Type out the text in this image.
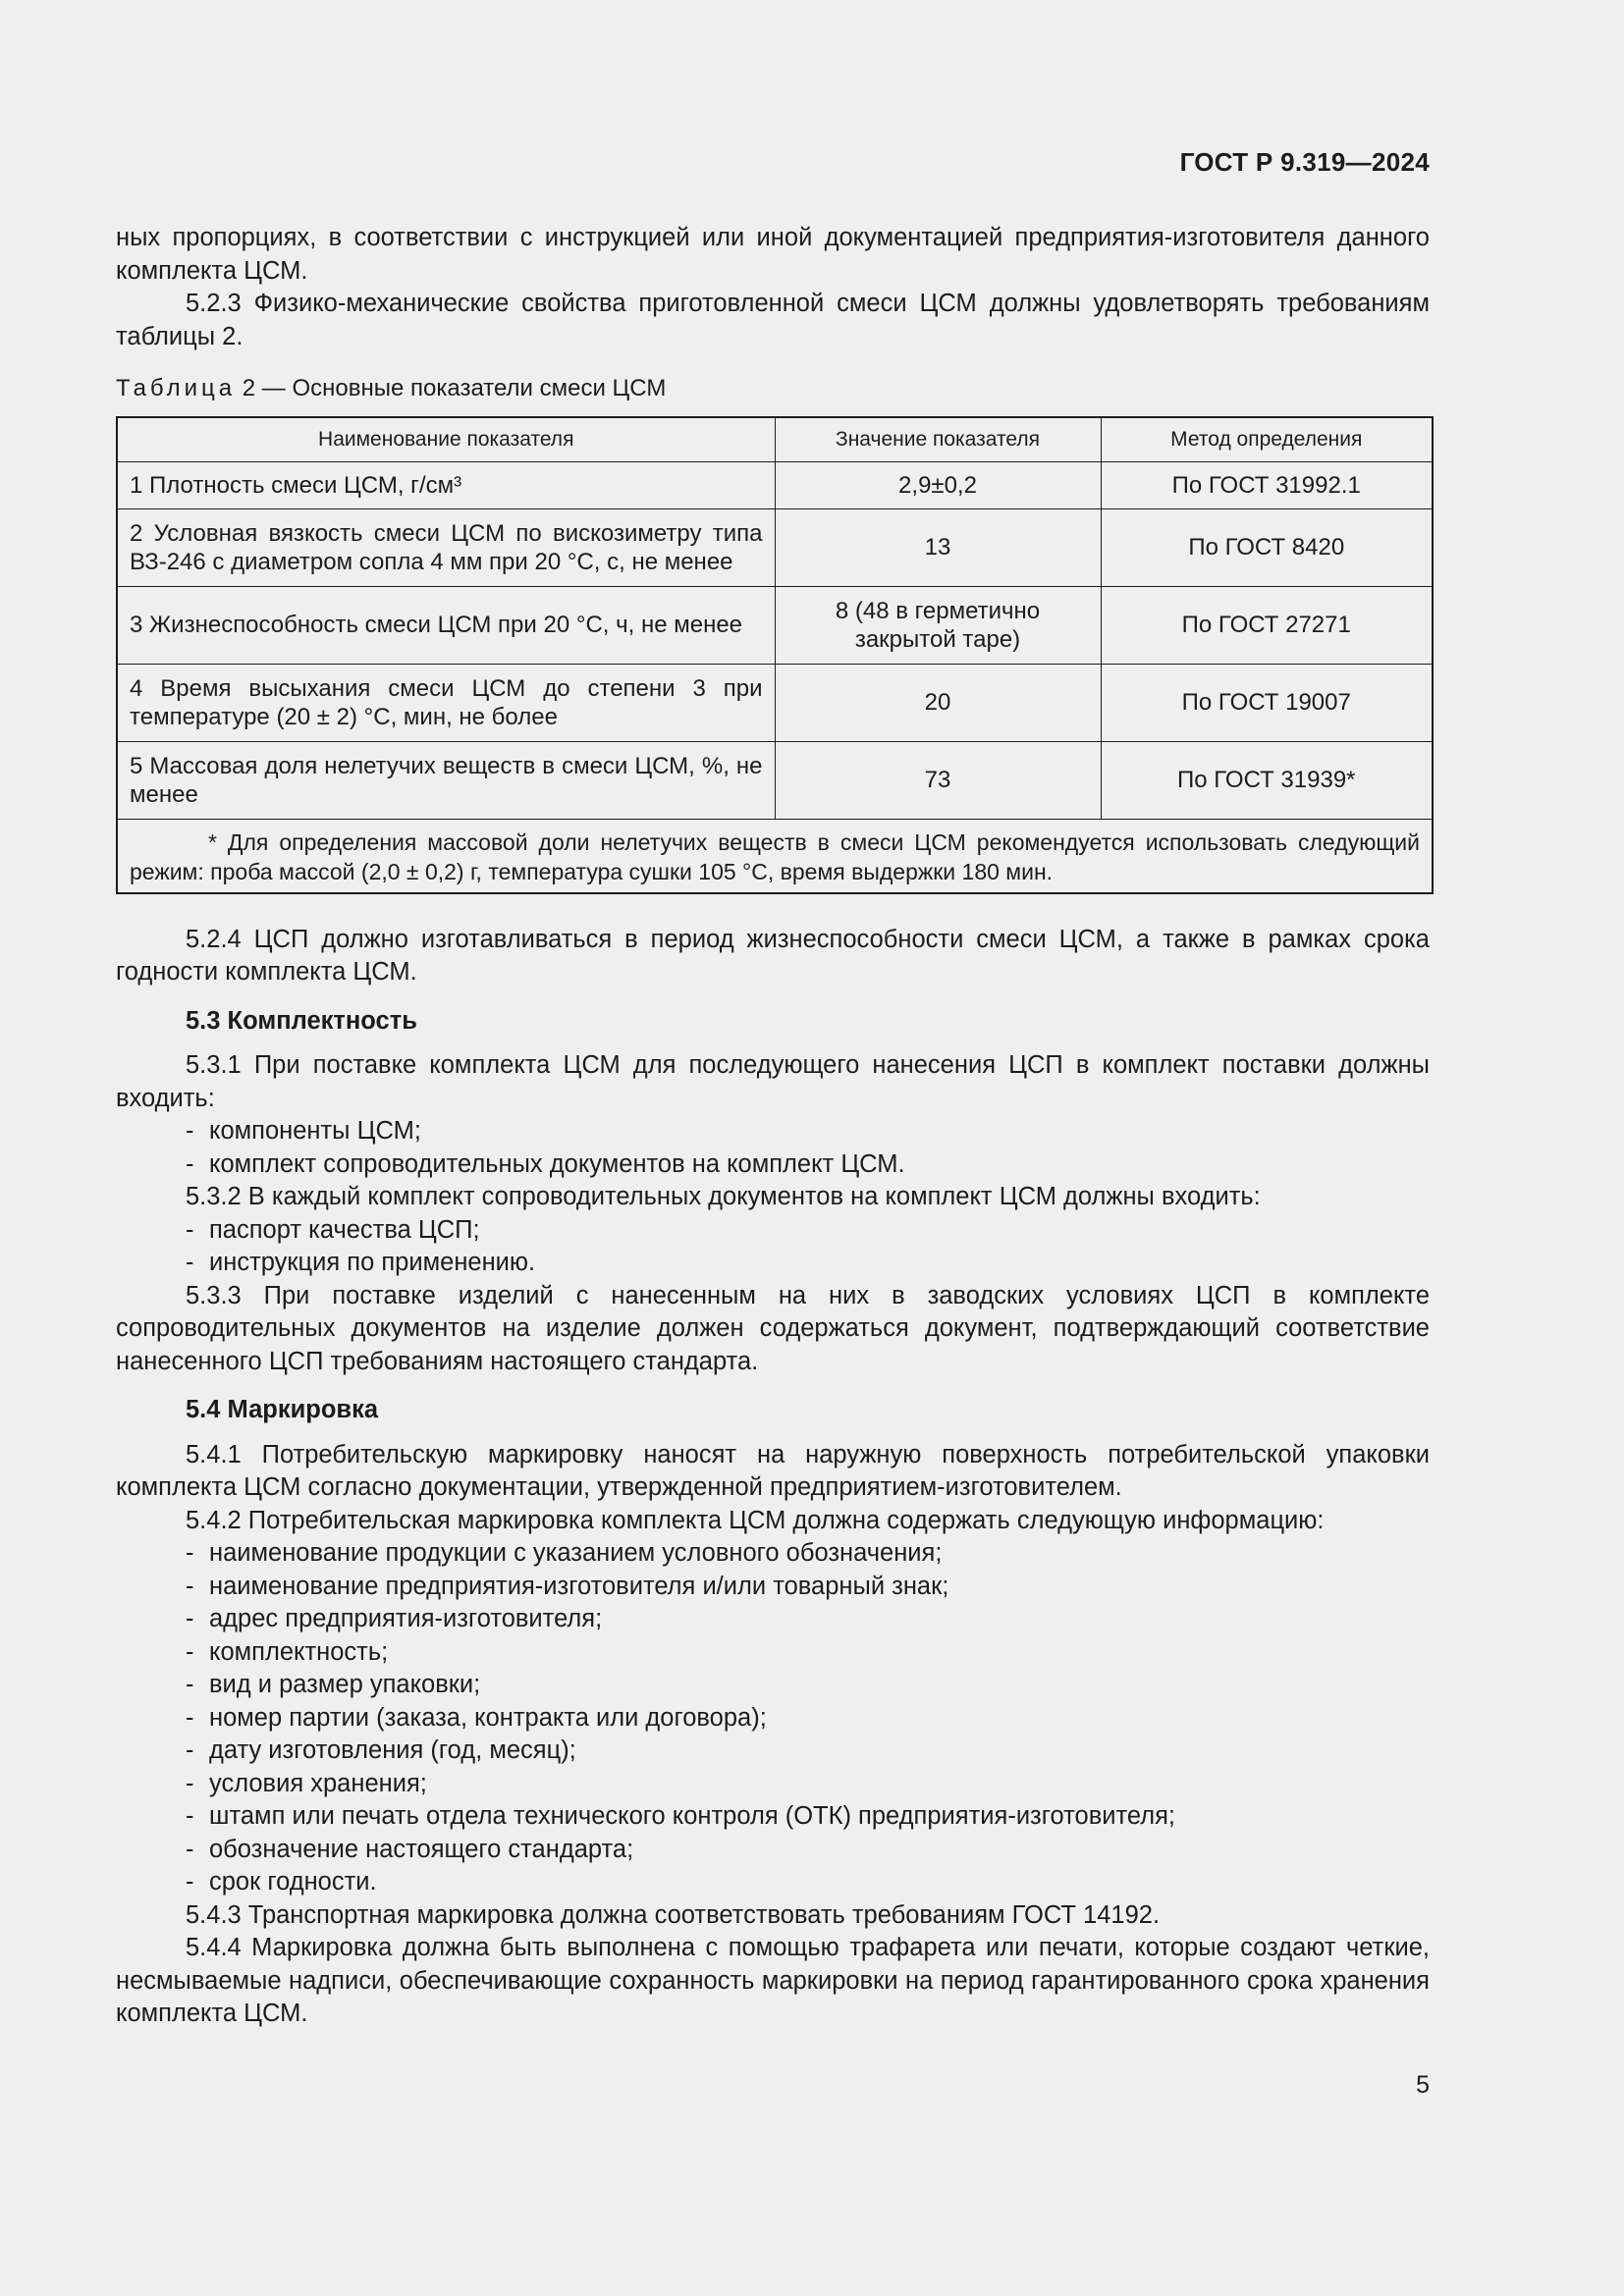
ГОСТ Р 9.319—2024

ных пропорциях, в соответствии с инструкцией или иной документацией предприятия-изготовителя данного комплекта ЦСМ.

5.2.3 Физико-механические свойства приготовленной смеси ЦСМ должны удовлетворять требованиям таблицы 2.

Таблица 2 — Основные показатели смеси ЦСМ
Наименование показателя	Значение показателя	Метод определения
1 Плотность смеси ЦСМ, г/см³	2,9±0,2	По ГОСТ 31992.1
2 Условная вязкость смеси ЦСМ по вискозиметру типа ВЗ-246 с диаметром сопла 4 мм при 20 °С, с, не менее	13	По ГОСТ 8420
3 Жизнеспособность смеси ЦСМ при 20 °С, ч, не менее	8 (48 в герметично закрытой таре)	По ГОСТ 27271
4 Время высыхания смеси ЦСМ до степени 3 при температуре (20 ± 2) °С, мин, не более	20	По ГОСТ 19007
5 Массовая доля нелетучих веществ в смеси ЦСМ, %, не менее	73	По ГОСТ 31939*

* Для определения массовой доли нелетучих веществ в смеси ЦСМ рекомендуется использовать следующий режим: проба массой (2,0 ± 0,2) г, температура сушки 105 °С, время выдержки 180 мин.		

5.2.4 ЦСП должно изготавливаться в период жизнеспособности смеси ЦСМ, а также в рамках срока годности комплекта ЦСМ.

5.3 Комплектность

5.3.1 При поставке комплекта ЦСМ для последующего нанесения ЦСП в комплект поставки должны входить:

- компоненты ЦСМ;
- комплект сопроводительных документов на комплект ЦСМ.

5.3.2 В каждый комплект сопроводительных документов на комплект ЦСМ должны входить:

- паспорт качества ЦСП;
- инструкция по применению.

5.3.3 При поставке изделий с нанесенным на них в заводских условиях ЦСП в комплекте сопроводительных документов на изделие должен содержаться документ, подтверждающий соответствие нанесенного ЦСП требованиям настоящего стандарта.

5.4 Маркировка

5.4.1 Потребительскую маркировку наносят на наружную поверхность потребительской упаковки комплекта ЦСМ согласно документации, утвержденной предприятием-изготовителем.

5.4.2 Потребительская маркировка комплекта ЦСМ должна содержать следующую информацию:

- наименование продукции с указанием условного обозначения;
- наименование предприятия-изготовителя и/или товарный знак;
- адрес предприятия-изготовителя;
- комплектность;
- вид и размер упаковки;
- номер партии (заказа, контракта или договора);
- дату изготовления (год, месяц);
- условия хранения;
- штамп или печать отдела технического контроля (ОТК) предприятия-изготовителя;
- обозначение настоящего стандарта;
- срок годности.

5.4.3 Транспортная маркировка должна соответствовать требованиям ГОСТ 14192.

5.4.4 Маркировка должна быть выполнена с помощью трафарета или печати, которые создают четкие, несмываемые надписи, обеспечивающие сохранность маркировки на период гарантированного срока хранения комплекта ЦСМ.

5
